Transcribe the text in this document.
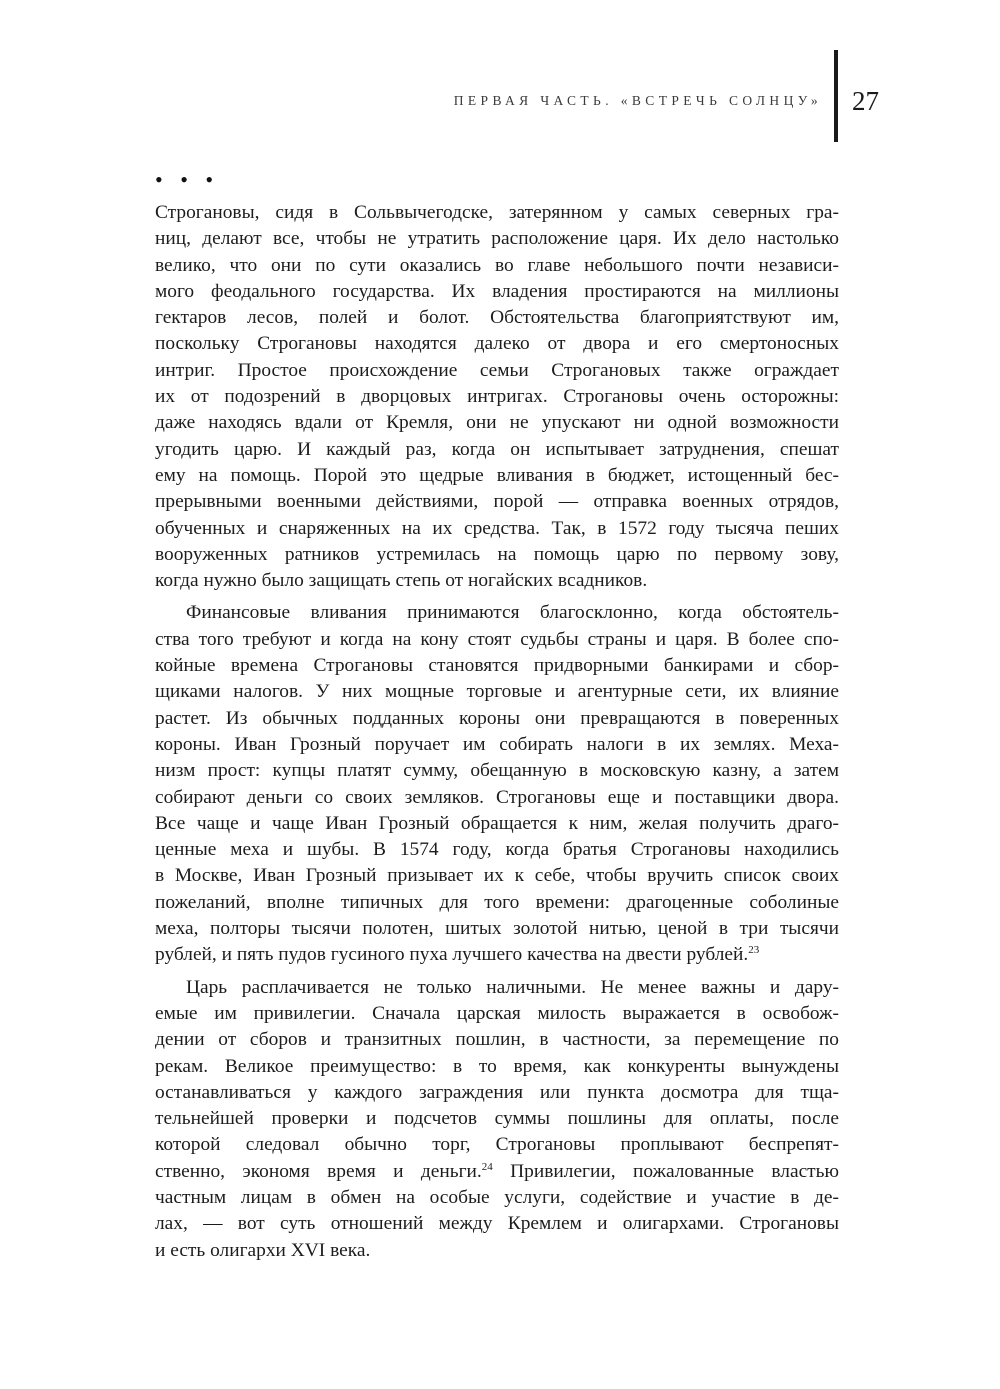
ПЕРВАЯ ЧАСТЬ. «ВСТРЕЧЬ СОЛНЦУ» 27
• • •
Строгановы, сидя в Сольвычегодске, затерянном у самых северных гра-
ниц, делают все, чтобы не утратить расположение царя. Их дело настолько
велико, что они по сути оказались во главе небольшого почти независи-
мого феодального государства. Их владения простираются на миллионы
гектаров лесов, полей и болот. Обстоятельства благоприятствуют им,
поскольку Строгановы находятся далеко от двора и его смертоносных
интриг. Простое происхождение семьи Строгановых также ограждает
их от подозрений в дворцовых интригах. Строгановы очень осторожны:
даже находясь вдали от Кремля, они не упускают ни одной возможности
угодить царю. И каждый раз, когда он испытывает затруднения, спешат
ему на помощь. Порой это щедрые вливания в бюджет, истощенный бес-
прерывными военными действиями, порой — отправка военных отрядов,
обученных и снаряженных на их средства. Так, в 1572 году тысяча пеших
вооруженных ратников устремилась на помощь царю по первому зову,
когда нужно было защищать степь от ногайских всадников.
Финансовые вливания принимаются благосклонно, когда обстоятель-
ства того требуют и когда на кону стоят судьбы страны и царя. В более спо-
койные времена Строгановы становятся придворными банкирами и сбор-
щиками налогов. У них мощные торговые и агентурные сети, их влияние
растет. Из обычных подданных короны они превращаются в поверенных
короны. Иван Грозный поручает им собирать налоги в их землях. Меха-
низм прост: купцы платят сумму, обещанную в московскую казну, а затем
собирают деньги со своих земляков. Строгановы еще и поставщики двора.
Все чаще и чаще Иван Грозный обращается к ним, желая получить драго-
ценные меха и шубы. В 1574 году, когда братья Строгановы находились
в Москве, Иван Грозный призывает их к себе, чтобы вручить список своих
пожеланий, вполне типичных для того времени: драгоценные соболиные
меха, полторы тысячи полотен, шитых золотой нитью, ценой в три тысячи
рублей, и пять пудов гусиного пуха лучшего качества на двести рублей.$^{23}$
Царь расплачивается не только наличными. Не менее важны и дару-
емые им привилегии. Сначала царская милость выражается в освобож-
дении от сборов и транзитных пошлин, в частности, за перемещение по
рекам. Великое преимущество: в то время, как конкуренты вынуждены
останавливаться у каждого заграждения или пункта досмотра для тща-
тельнейшей проверки и подсчетов суммы пошлины для оплаты, после
которой следовал обычно торг, Строгановы проплывают беспрепят-
ственно, экономя время и деньги.$^{24}$ Привилегии, пожалованные властью
частным лицам в обмен на особые услуги, содействие и участие в де-
лах, — вот суть отношений между Кремлем и олигархами. Строгановы
и есть олигархи XVI века.
